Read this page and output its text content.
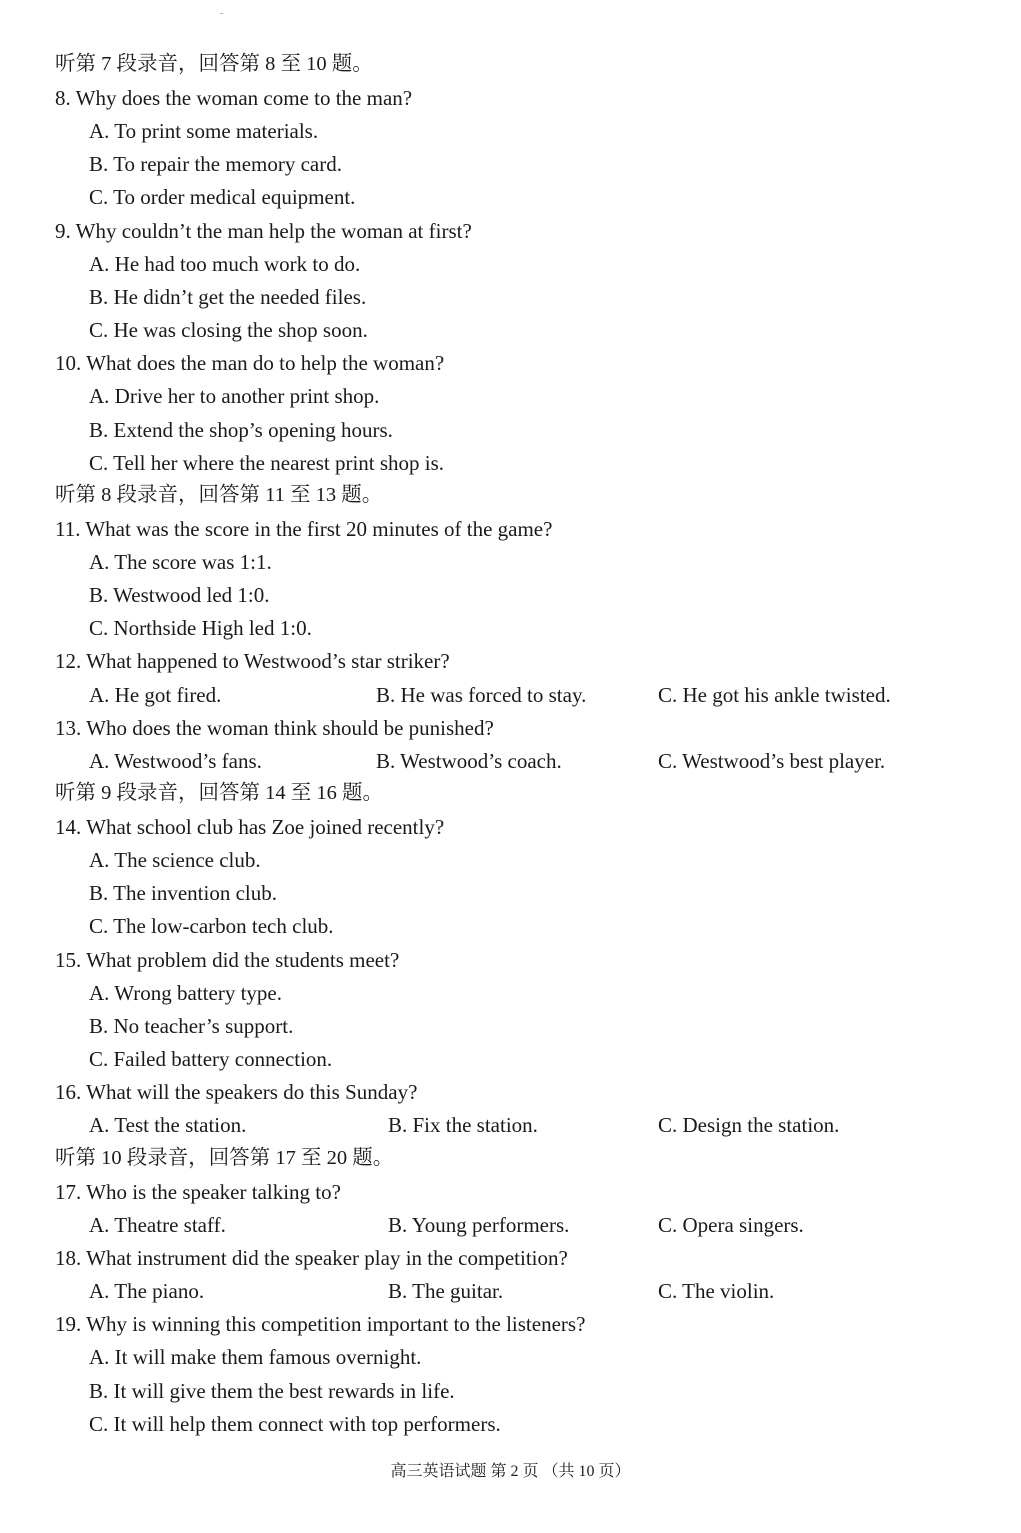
-
听第 7 段录音，回答第 8 至 10 题。
8. Why does the woman come to the man?
A. To print some materials.
B. To repair the memory card.
C. To order medical equipment.
9. Why couldn’t the man help the woman at first?
A. He had too much work to do.
B. He didn’t get the needed files.
C. He was closing the shop soon.
10. What does the man do to help the woman?
A. Drive her to another print shop.
B. Extend the shop’s opening hours.
C. Tell her where the nearest print shop is.
听第 8 段录音，回答第 11 至 13 题。
11. What was the score in the first 20 minutes of the game?
A. The score was 1:1.
B. Westwood led 1:0.
C. Northside High led 1:0.
12. What happened to Westwood’s star striker?
A. He got fired.	B. He was forced to stay.	C. He got his ankle twisted.
13. Who does the woman think should be punished?
A. Westwood’s fans.	B. Westwood’s coach.	C. Westwood’s best player.
听第 9 段录音，回答第 14 至 16 题。
14. What school club has Zoe joined recently?
A. The science club.
B. The invention club.
C. The low-carbon tech club.
15. What problem did the students meet?
A. Wrong battery type.
B. No teacher’s support.
C. Failed battery connection.
16. What will the speakers do this Sunday?
A. Test the station.	B. Fix the station.	C. Design the station.
听第 10 段录音，回答第 17 至 20 题。
17. Who is the speaker talking to?
A. Theatre staff.	B. Young performers.	C. Opera singers.
18. What instrument did the speaker play in the competition?
A. The piano.	B. The guitar.	C. The violin.
19. Why is winning this competition important to the listeners?
A. It will make them famous overnight.
B. It will give them the best rewards in life.
C. It will help them connect with top performers.
高三英语试题 第 2 页 （共 10 页）
